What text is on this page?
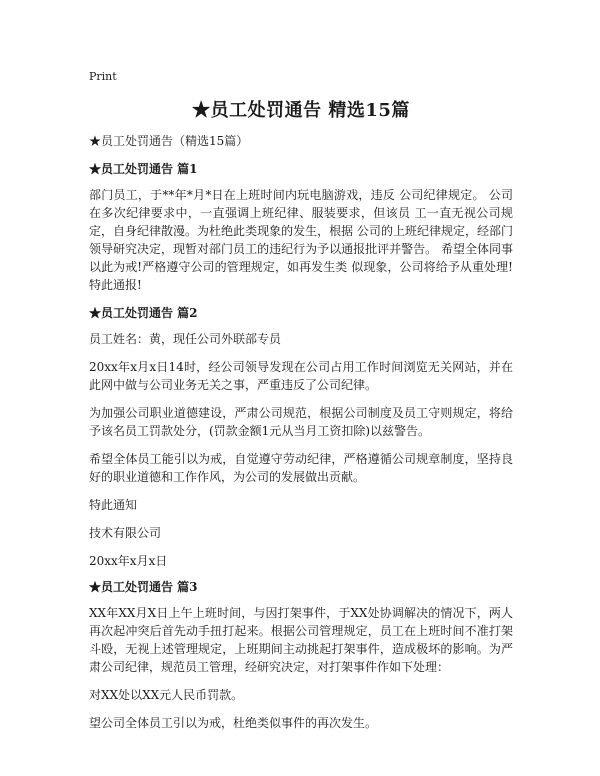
Print
★员工处罚通告 精选15篇
★员工处罚通告（精选15篇）
★员工处罚通告 篇1
部门员工，于**年*月*日在上班时间内玩电脑游戏，违反 公司纪律规定。 公司在多次纪律要求中，一直强调上班纪律、服装要求，但该员 工一直无视公司规定，自身纪律散漫。为杜绝此类现象的发生，根据 公司的上班纪律规定，经部门领导研究决定，现暂对部门员工的违纪行为予以通报批评并警告。 希望全体同事以此为戒!严格遵守公司的管理规定，如再发生类 似现象，公司将给予从重处理! 特此通报!
★员工处罚通告 篇2
员工姓名：黄，现任公司外联部专员
20xx年x月x日14时，经公司领导发现在公司占用工作时间浏览无关网站，并在此网中做与公司业务无关之事，严重违反了公司纪律。
为加强公司职业道德建设，严肃公司规范，根据公司制度及员工守则规定，将给予该名员工罚款处分，(罚款金额1元从当月工资扣除)以兹警告。
希望全体员工能引以为戒，自觉遵守劳动纪律，严格遵循公司规章制度，坚持良好的职业道德和工作作风，为公司的发展做出贡献。
特此通知
技术有限公司
20xx年x月x日
★员工处罚通告 篇3
XX年XX月X日上午上班时间，与因打架事件，于XX处协调解决的情况下，两人再次起冲突后首先动手扭打起来。根据公司管理规定，员工在上班时间不准打架斗殴，无视上述管理规定，上班期间主动挑起打架事件，造成极坏的影响。为严肃公司纪律，规范员工管理，经研究决定，对打架事件作如下处理：
对XX处以XX元人民币罚款。
望公司全体员工引以为戒，杜绝类似事件的再次发生。
